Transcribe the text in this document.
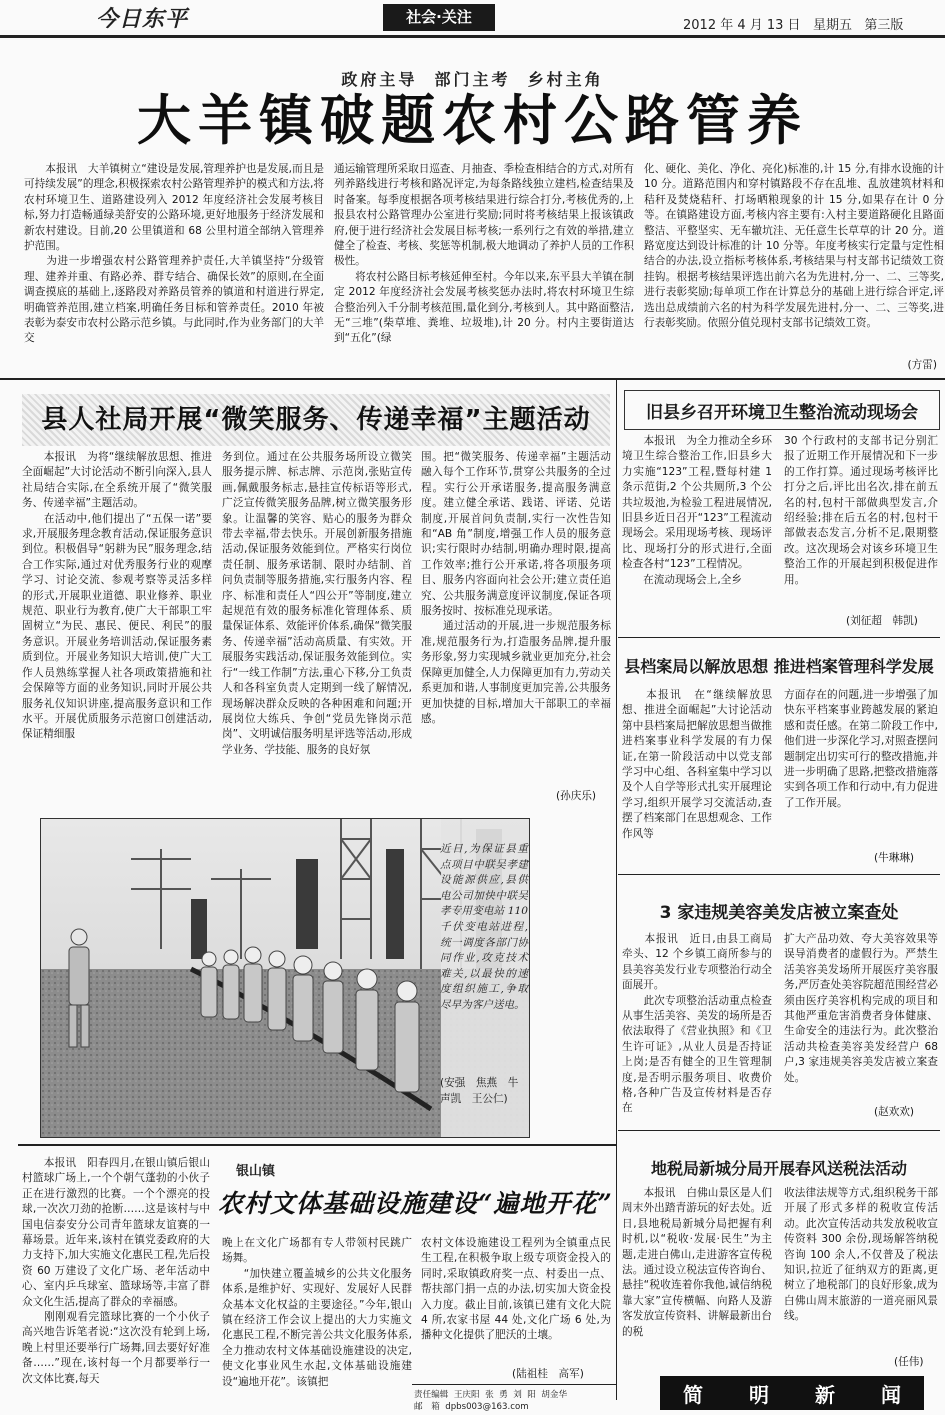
今日东平	社会·关注	2012 年 4 月 13 日 星期五 第三版
政府主导  部门主考  乡村主角
大羊镇破题农村公路管养
　　本报讯　大羊镇树立“建设是发展,管理养护也是发展,而且是可持续发展”的理念,积极探索农村公路管理养护的模式和方法,将农村环境卫生、道路建设列入 2012 年度经济社会发展考核目标,努力打造畅通绿美舒安的公路环境,更好地服务于经济发展和新农村建设。目前,20 公里镇道和 68 公里村道全部纳入管理养护范围。
　　为进一步增强农村公路管理养护责任,大羊镇坚持“分级管理、建养并重、有路必养、群专结合、确保长效”的原则,在全面调查摸底的基础上,逐路段对养路员管养的镇道和村道进行界定,明确管养范围,建立档案,明确任务目标和管养责任。2010 年被表彰为泰安市农村公路示范乡镇。与此同时,作为业务部门的大羊交
通运输管理所采取日巡查、月抽查、季检查相结合的方式,对所有列养路线进行考核和路况评定,为每条路线独立建档,检查结果及时备案。每季度根据各项考核结果进行综合打分,考核优秀的,上报县农村公路管理办公室进行奖励;同时将考核结果上报该镇政府,便于进行经济社会发展目标考核;一系列行之有效的举措,建立健全了检查、考核、奖惩等机制,极大地调动了养护人员的工作积极性。
　　将农村公路目标考核延伸至村。今年以来,东平县大羊镇在制定 2012 年度经济社会发展考核奖惩办法时,将农村环境卫生综合整治列入千分制考核范围,量化到分,考核到人。其中路面整洁,无“三堆”(柴草堆、粪堆、垃圾堆),计 20 分。村内主要街道达到“五化”(绿
化、硬化、美化、净化、亮化)标准的,计 15 分,有排水设施的计 10 分。道路范围内和穿村镇路段不存在乱堆、乱放建筑材料和秸秆及焚烧秸秆、打场晒粮现象的计 15 分,如果存在计 0 分等。在镇路建设方面,考核内容主要有:入村主要道路硬化且路面整洁、平整坚实、无车辙坑洼、无任意生长草草的计 20 分。道路宽度达到设计标准的计 10 分等。年度考核实行定量与定性相结合的办法,设立指标考核体系,考核结果与村支部书记绩效工资挂钩。根据考核结果评选出前六名为先进村,分一、二、三等奖,进行表彰奖励;每单项工作在计算总分的基础上进行综合评定,评选出总成绩前六名的村为科学发展先进村,分一、二、三等奖,进行表彰奖励。依照分值兑现村支部书记绩效工资。
(方雷)
县人社局开展“微笑服务、传递幸福”主题活动
　　本报讯　为将“继续解放思想、推进全面崛起”大讨论活动不断引向深入,县人社局结合实际,在全系统开展了“微笑服务、传递幸福”主题活动。
　　在活动中,他们提出了“五保一诺”要求,开展服务理念教育活动,保证服务意识到位。积极倡导“躬耕为民”服务理念,结合工作实际,通过对优秀服务行业的观摩学习、讨论交流、参观考察等灵活多样的形式,开展职业道德、职业修养、职业规范、职业行为教育,使广大干部职工牢固树立“为民、惠民、便民、利民”的服务意识。开展业务培训活动,保证服务素质到位。开展业务知识大培训,使广大工作人员熟练掌握人社各项政策措施和社会保障等方面的业务知识,同时开展公共服务礼仪知识讲座,提高服务意识和工作水平。开展优质服务示范窗口创建活动,保证精细服
务到位。通过在公共服务场所设立微笑服务提示牌、标志牌、示范岗,张贴宣传画,佩戴服务标志,悬挂宣传标语等形式,广泛宣传微笑服务品牌,树立微笑服务形象。让温馨的笑容、贴心的服务为群众带去幸福,带去快乐。开展创新服务措施活动,保证服务效能到位。严格实行岗位责任制、服务承诺制、限时办结制、首问负责制等服务措施,实行服务内容、程序、标准和责任人“四公开”等制度,建立起规范有效的服务标准化管理体系、质量保证体系、效能评价体系,确保“微笑服务、传递幸福”活动高质量、有实效。开展服务实践活动,保证服务效能到位。实行“一线工作制”方法,重心下移,分工负责人和各科室负责人定期到一线了解情况,现场解决群众反映的各种困难和问题;开展岗位大练兵、争创“党员先锋岗示范岗”、文明诚信服务明星评选等活动,形成学业务、学技能、服务的良好氛
围。把“微笑服务、传递幸福”主题活动融入每个工作环节,贯穿公共服务的全过程。实行公开承诺服务,提高服务满意度。建立健全承诺、践诺、评诺、兑诺制度,开展首问负责制,实行一次性告知和“AB 角”制度,增强工作人员的服务意识;实行限时办结制,明确办理时限,提高工作效率;推行公开承诺,将各项服务项目、服务内容面向社会公开;建立责任追究、公共服务满意度评议制度,保证各项服务按时、按标准兑现承诺。
　　通过活动的开展,进一步规范服务标准,规范服务行为,打造服务品牌,提升服务形象,努力实现城乡就业更加充分,社会保障更加健全,人力保障更加有力,劳动关系更加和谐,人事制度更加完善,公共服务更加快捷的目标,增加大干部职工的幸福感。
(孙庆乐)
近日,为保证县重点项目中联吴孝建设能源供应,县供电公司加快中联吴孝专用变电站 110 千伏变电站进程,统一调度各部门协同作业,攻克技术难关,以最快的速度组织施工,争取尽早为客户送电。
(安强　焦燕　牛声凯　王公仁)
　　本报讯　阳春四月,在银山镇后银山村篮球广场上,一个个朝气蓬勃的小伙子正在进行激烈的比赛。一个个漂亮的投球,一次次刀劲的抢断……这是该村与中国电信泰安分公司青年篮球友谊赛的一幕场景。近年来,该村在镇党委政府的大力支持下,加大实施文化惠民工程,先后投资 60 万建设了文化广场、老年活动中心、室内乒乓球室、篮球场等,丰富了群众文化生活,提高了群众的幸福感。
　　刚刚观看完篮球比赛的一个小伙子高兴地告诉笔者说:“这次没有轮到上场,晚上村里还要举行广场舞,回去要好好准备……”现在,该村每一个月都要举行一次文体比赛,每天
银山镇
农村文体基础设施建设“遍地开花”
晚上在文化广场都有专人带领村民跳广场舞。
　　“加快建立覆盖城乡的公共文化服务体系,是维护好、实现好、发展好人民群众基本文化权益的主要途径。”今年,银山镇在经济工作会议上提出的大力实施文化惠民工程,不断完善公共文化服务体系,全力推动农村文体基础设施建设的决定,使文化事业风生水起,文体基础设施建设“遍地开花”。该镇把
农村文体设施建设工程列为全镇重点民生工程,在积极争取上级专项资金投入的同时,采取镇政府奖一点、村委出一点、帮扶部门捐一点的办法,切实加大资金投入力度。截止目前,该镇已建有文化大院 4 所,农家书屋 44 处,文化广场 6 处,为播种文化提供了肥沃的土壤。
(陆祖桂　高军)
责任编辑  王庆阳  张  勇  刘  阳  胡金华
邮　箱  dpbs003@163.com
旧县乡召开环境卫生整治流动现场会
　　本报讯　为全力推动全乡环境卫生综合整治工作,旧县乡大力实施“123”工程,暨每村建 1 条示范街,2 个公共厕所,3 个公共垃圾池,为检验工程进展情况,旧县乡近日召开“123”工程流动现场会。采用现场考核、现场评比、现场打分的形式进行,全面检查各村“123”工程情况。
　　在流动现场会上,全乡
30 个行政村的支部书记分别汇报了近期工作开展情况和下一步的工作打算。通过现场考核评比打分之后,评比出名次,排在前五名的村,包村干部做典型发言,介绍经验;排在后五名的村,包村干部做表态发言,分析不足,限期整改。这次现场会对该乡环境卫生整治工作的开展起到积极促进作用。
(刘征超　韩凯)
县档案局以解放思想 推进档案管理科学发展
　　本报讯　在“继续解放思想、推进全面崛起”大讨论活动第中县档案局把解放思想当做推进档案事业科学发展的有力保证,在第一阶段活动中以党支部学习中心组、各科室集中学习以及个人自学等形式扎实开展理论学习,组织开展学习交流活动,查摆了档案部门在思想观念、工作作风等
方面存在的问题,进一步增强了加快东平档案事业跨越发展的紧迫感和责任感。在第二阶段工作中,他们进一步深化学习,对照查摆问题制定出切实可行的整改措施,并进一步明确了思路,把整改措施落实到各项工作和行动中,有力促进了工作开展。
(牛琳琳)
3 家违规美容美发店被立案查处
　　本报讯　近日,由县工商局牵头、12 个乡镇工商所参与的县美容美发行业专项整治行动全面展开。
　　此次专项整治活动重点检查从事生活美容、美发的场所是否依法取得了《营业执照》和《卫生许可证》,从业人员是否持证上岗;是否有健全的卫生管理制度,是否明示服务项目、收费价格,各种广告及宣传材料是否存在
扩大产品功效、夸大美容效果等误导消费者的虚假行为。严禁生活美容美发场所开展医疗美容服务,严厉查处美容院超范围经营必须由医疗美容机构完成的项目和其他严重危害消费者身体健康、生命安全的违法行为。此次整治活动共检查美容美发经营户 68 户,3 家违规美容美发店被立案查处。
(赵欢欢)
地税局新城分局开展春风送税法活动
　　本报讯　白佛山景区是人们周末外出踏青游玩的好去处。近日,县地税局新城分局把握有利时机,以“税收·发展·民生”为主题,走进白佛山,走进游客宣传税法。通过设立税法宣传咨询台、悬挂“税收连着你我他,诚信纳税靠大家”宣传横幅、向路人及游客发放宣传资料、讲解最新出台的税
收法律法规等方式,组织税务干部开展了形式多样的税收宣传活动。此次宣传活动共发放税收宣传资料 300 余份,现场解答纳税咨询 100 余人,不仅普及了税法知识,拉近了征纳双方的距离,更树立了地税部门的良好形象,成为白佛山周末旅游的一道亮丽风景线。
(任伟)
简 明 新 闻
